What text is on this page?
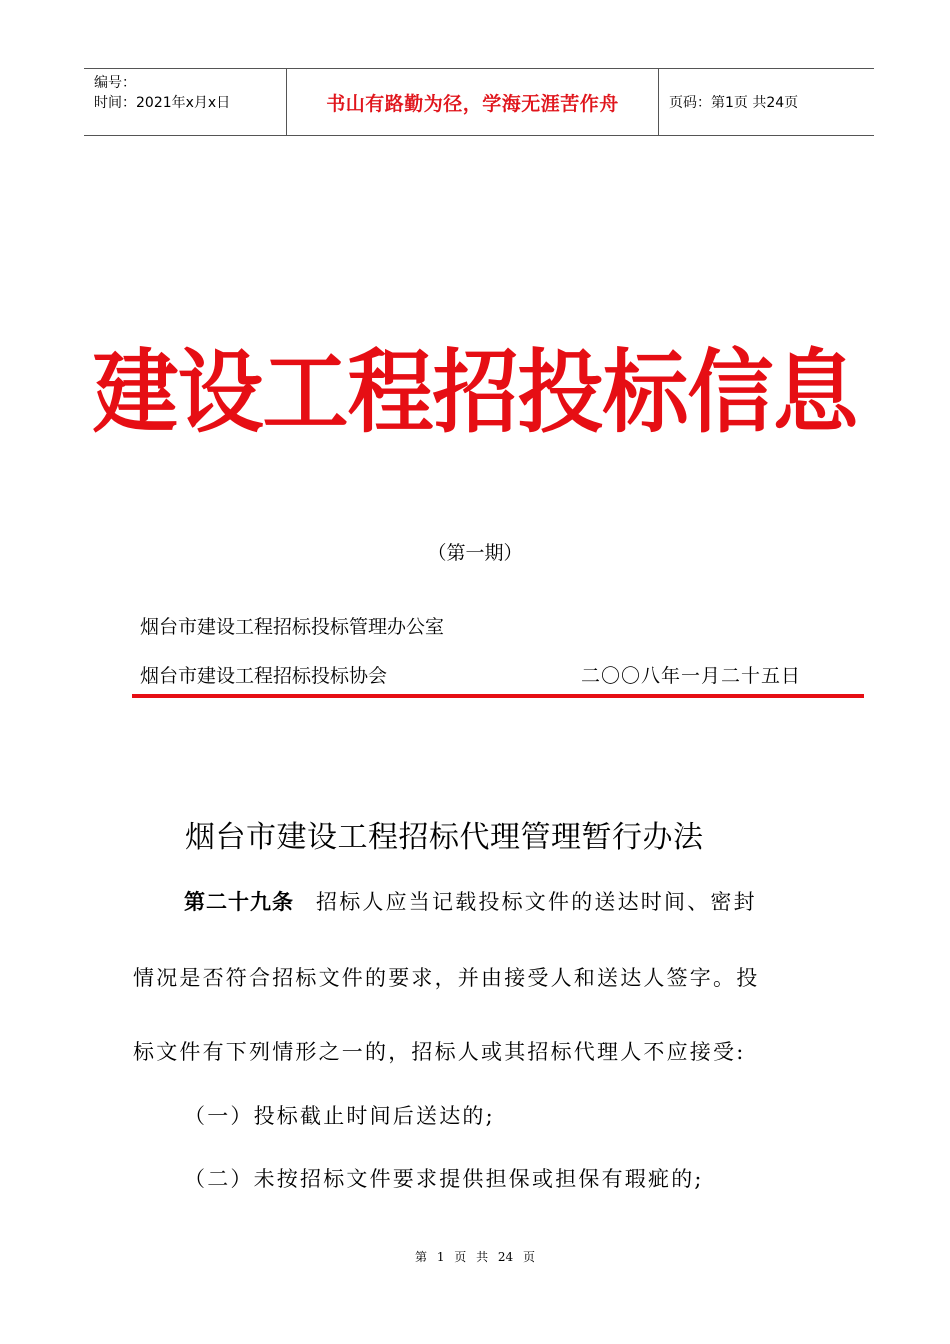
编号：
时间：2021年x月x日	书山有路勤为径，学海无涯苦作舟	页码：第1页 共24页
建设工程招投标信息
（第一期）
烟台市建设工程招标投标管理办公室
烟台市建设工程招标投标协会	二〇〇八年一月二十五日
烟台市建设工程招标代理管理暂行办法
第二十九条 招标人应当记载投标文件的送达时间、密封
情况是否符合招标文件的要求，并由接受人和送达人签字。投
标文件有下列情形之一的，招标人或其招标代理人不应接受:
（一）投标截止时间后送达的;
（二）未按招标文件要求提供担保或担保有瑕疵的;
第 1 页 共 24 页
